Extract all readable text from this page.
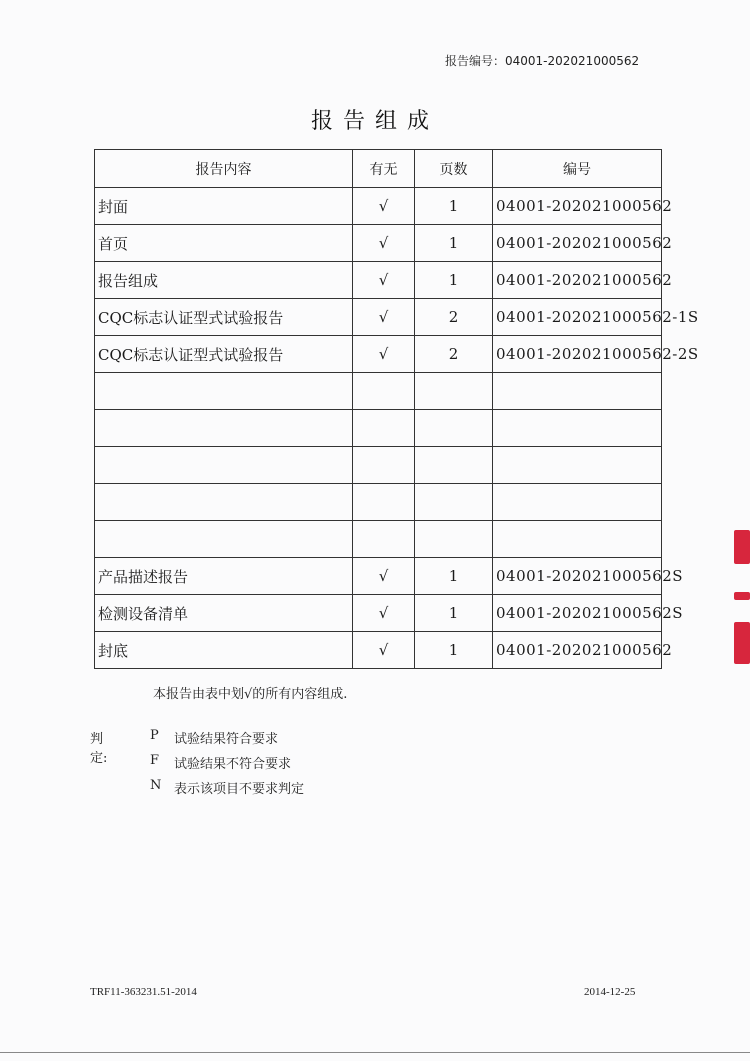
报告编号：04001-202021000562
报告组成
报告内容	有无	页数	编号
封面	√	1	04001-202021000562
首页	√	1	04001-202021000562
报告组成	√	1	04001-202021000562
CQC标志认证型式试验报告	√	2	04001-202021000562-1S
CQC标志认证型式试验报告	√	2	04001-202021000562-2S

产品描述报告	√	1	04001-202021000562S
检测设备清单	√	1	04001-202021000562S
封底	√	1	04001-202021000562
本报告由表中划√的所有内容组成.
判定:
P 试验结果符合要求
F 试验结果不符合要求
N 表示该项目不要求判定
TRF11-363231.51-2014	2014-12-25
